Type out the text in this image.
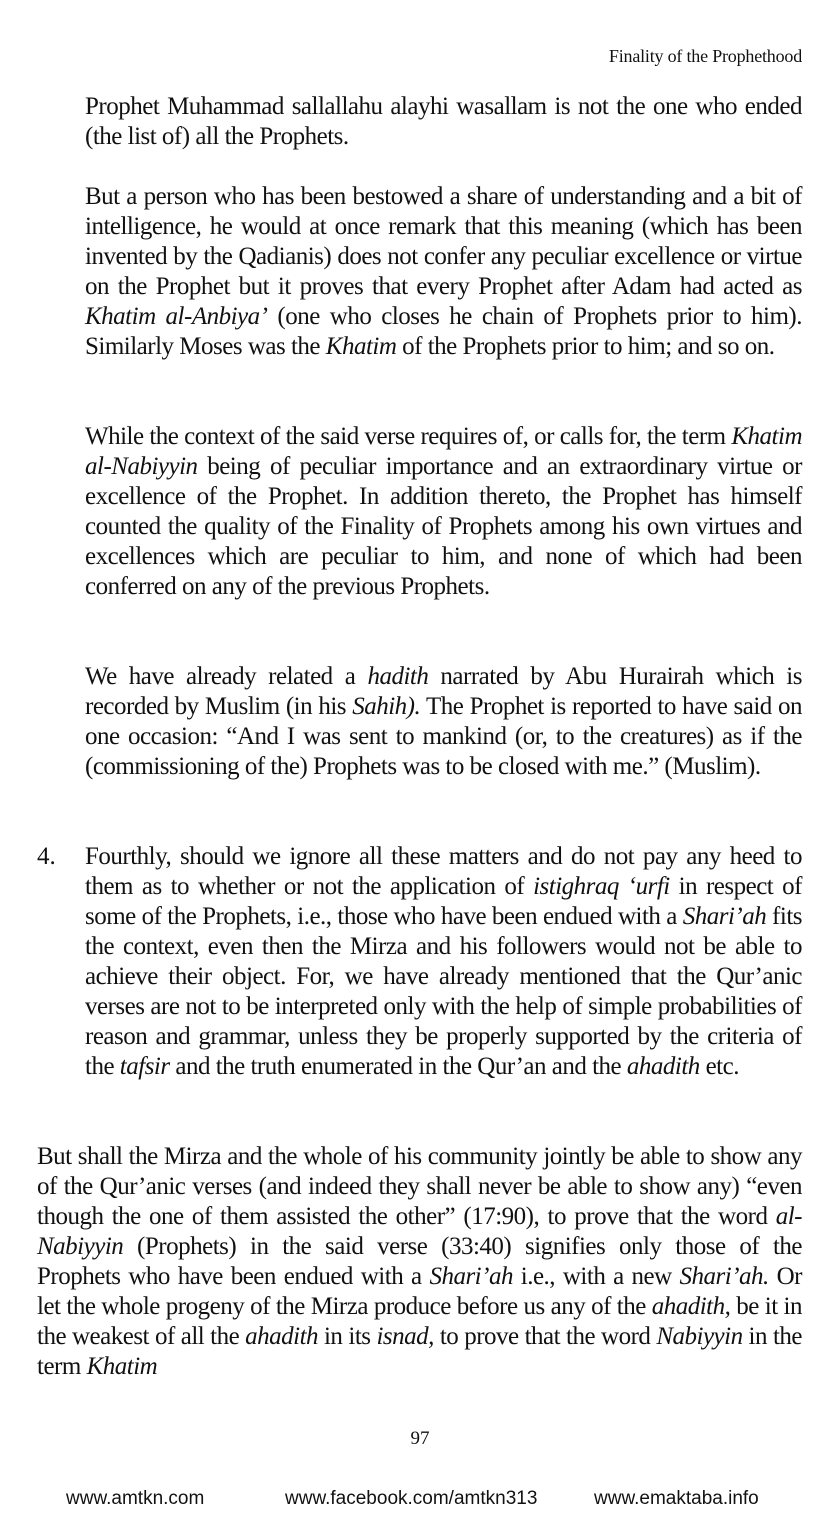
Finality of the Prophethood

Prophet Muhammad sallallahu alayhi wasallam is not the one who ended (the list of) all the Prophets.

But a person who has been bestowed a share of understanding and a bit of intelligence, he would at once remark that this meaning (which has been invented by the Qadianis) does not confer any peculiar excellence or virtue on the Prophet but it proves that every Prophet after Adam had acted as Khatim al-Anbiya’ (one who closes he chain of Prophets prior to him). Similarly Moses was the Khatim of the Prophets prior to him; and so on.

While the context of the said verse requires of, or calls for, the term Khatim al-Nabiyyin being of peculiar importance and an extraordinary virtue or excellence of the Prophet. In addition thereto, the Prophet has himself counted the quality of the Finality of Prophets among his own virtues and excellences which are peculiar to him, and none of which had been conferred on any of the previous Prophets.

We have already related a hadith narrated by Abu Hurairah which is recorded by Muslim (in his Sahih). The Prophet is reported to have said on one occasion: “And I was sent to mankind (or, to the creatures) as if the (commissioning of the) Prophets was to be closed with me.” (Muslim).

4. Fourthly, should we ignore all these matters and do not pay any heed to them as to whether or not the application of istighraq ‘urfi in respect of some of the Prophets, i.e., those who have been endued with a Shari’ah fits the context, even then the Mirza and his followers would not be able to achieve their object. For, we have already mentioned that the Qur’anic verses are not to be interpreted only with the help of simple probabilities of reason and grammar, unless they be properly supported by the criteria of the tafsir and the truth enumerated in the Qur’an and the ahadith etc.

But shall the Mirza and the whole of his community jointly be able to show any of the Qur’anic verses (and indeed they shall never be able to show any) “even though the one of them assisted the other” (17:90), to prove that the word al-Nabiyyin (Prophets) in the said verse (33:40) signifies only those of the Prophets who have been endued with a Shari’ah i.e., with a new Shari’ah. Or let the whole progeny of the Mirza produce before us any of the ahadith, be it in the weakest of all the ahadith in its isnad, to prove that the word Nabiyyin in the term Khatim

97
www.amtkn.com	www.facebook.com/amtkn313	www.emaktaba.info
